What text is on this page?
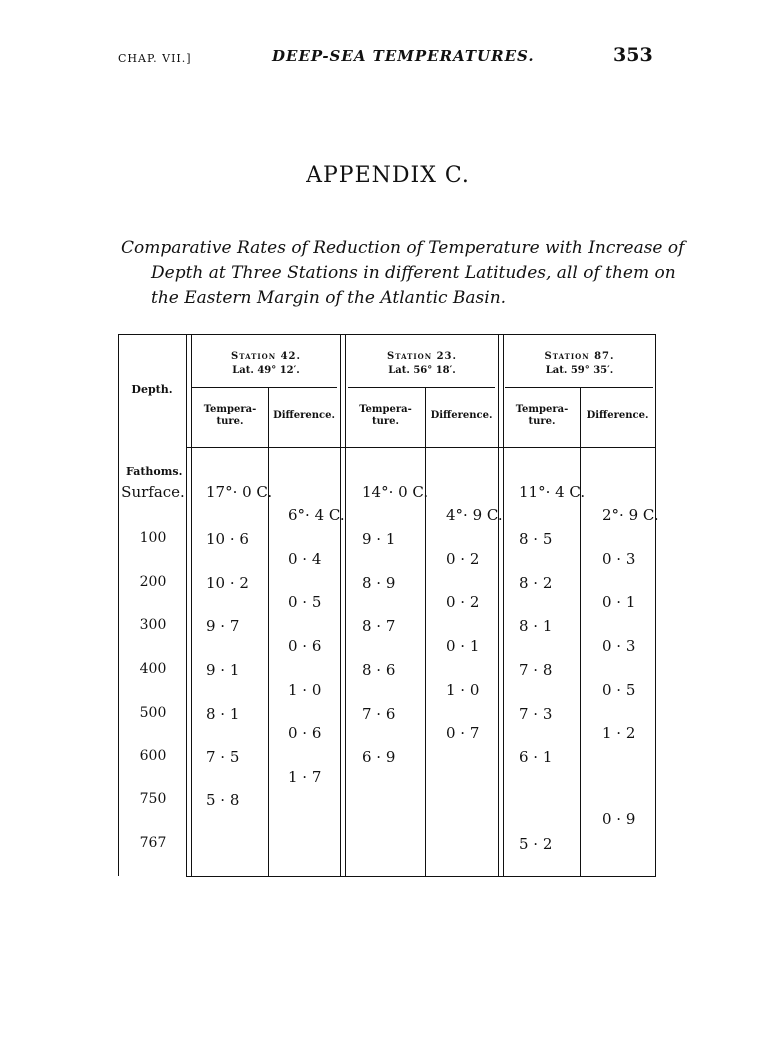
CHAP. VII.]	DEEP-SEA TEMPERATURES.	353
APPENDIX C.
Comparative Rates of Reduction of Temperature with Increase of
Depth at Three Stations in different Latitudes, all of them on
the Eastern Margin of the Atlantic Basin.
Depth.
Station 42.
Lat. 49° 12′.
Station 23.
Lat. 56° 18′.
Station 87.
Lat. 59° 35′.
Tempera-
ture.
Difference.
Tempera-
ture.
Difference.
Tempera-
ture.
Difference.
Fathoms.
Surface.
100
200
300
400
500
600
750
767
17°· 0 C.
10 · 6
10 · 2
9 · 7
9 · 1
8 · 1
7 · 5
5 · 8
14°· 0 C.
9 · 1
8 · 9
8 · 7
8 · 6
7 · 6
6 · 9
11°· 4 C.
8 · 5
8 · 2
8 · 1
7 · 8
7 · 3
6 · 1
5 · 2
6°· 4 C.
0 · 4
0 · 5
0 · 6
1 · 0
0 · 6
1 · 7
4°· 9 C.
0 · 2
0 · 2
0 · 1
1 · 0
0 · 7
2°· 9 C.
0 · 3
0 · 1
0 · 3
0 · 5
1 · 2
0 · 9
